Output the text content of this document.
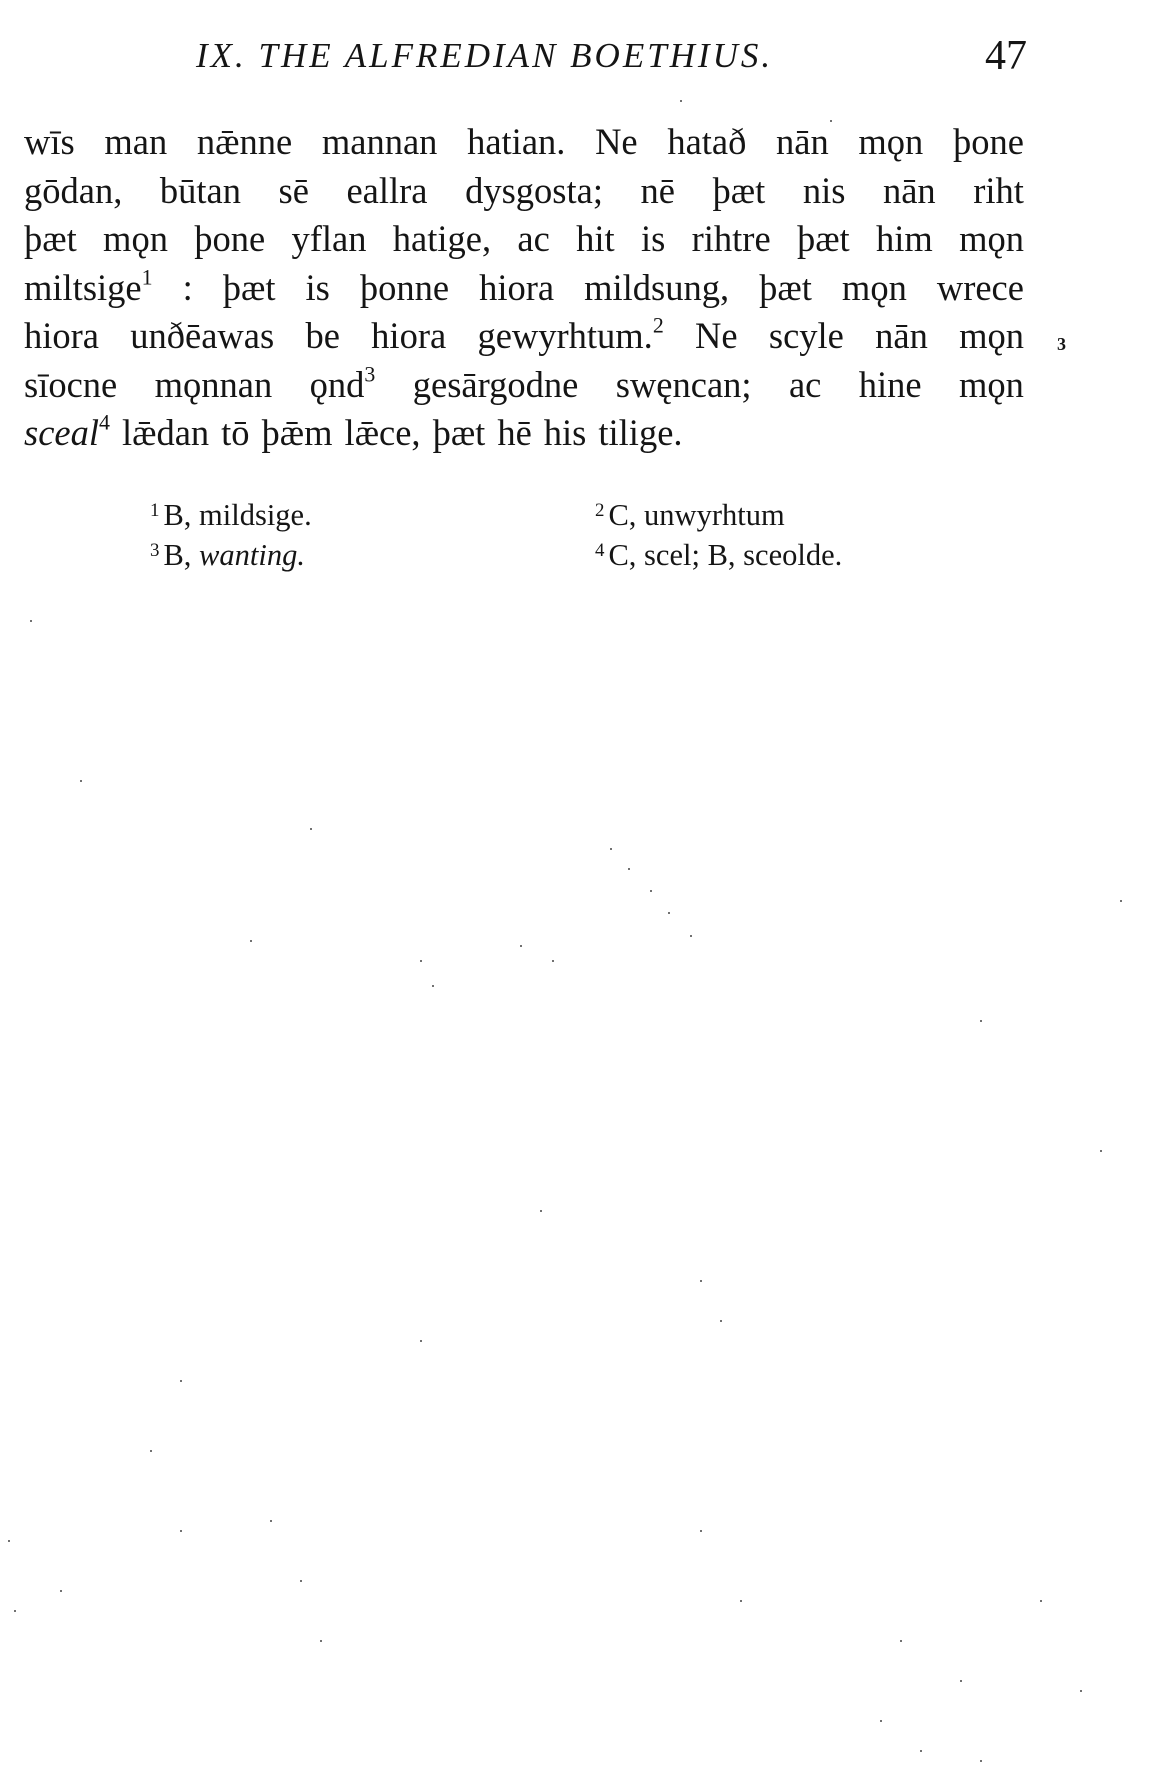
IX. THE ALFREDIAN BOETHIUS.	47
wīs man nǣnne mannan hatian. Ne hatað nān mǫn þone
gōdan, būtan sē eallra dysgosta; nē þæt nis nān riht
þæt mǫn þone yflan hatige, ac hit is rihtre þæt him mǫn
miltsige$^1$ : þæt is þonne hiora mildsung, þæt mǫn wrece
hiora unðēawas be hiora gewyrhtum.$^2$ Ne scyle nān mǫn
sīocne mǫnnan ǫnd$^3$ gesārgodne swęncan; ac hine mǫn
sceal$^4$ lǣdan tō þǣm lǣce, þæt hē his tilige.
3
$^1$ B, mildsige.	$^2$ C, unwyrhtum
$^3$ B, wanting.	$^4$ C, scel; B, sceolde.
